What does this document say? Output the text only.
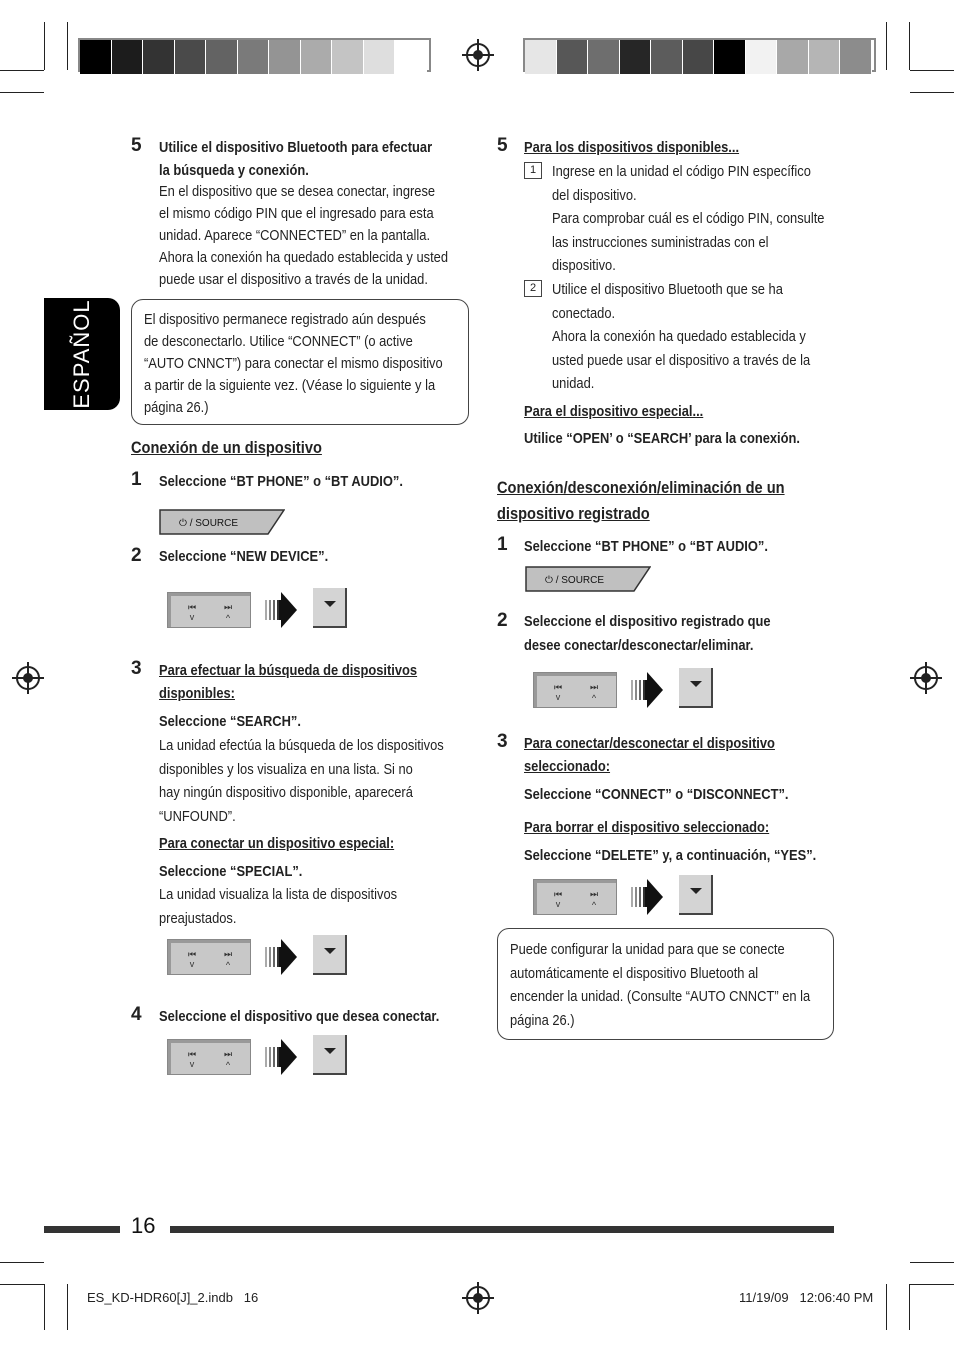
ESPAÑOL
5 Utilice el dispositivo Bluetooth para efectuar
la búsqueda y conexión.
En el dispositivo que se desea conectar, ingrese
el mismo código PIN que el ingresado para esta
unidad. Aparece “CONNECTED” en la pantalla.
Ahora la conexión ha quedado establecida y usted
puede usar el dispositivo a través de la unidad.
El dispositivo permanece registrado aún después
de desconectarlo. Utilice “CONNECT” (o active
“AUTO CNNCT”) para conectar el mismo dispositivo
a partir de la siguiente vez. (Véase lo siguiente y la
página 26.)
Conexión de un dispositivo
1 Seleccione “BT PHONE” o “BT AUDIO”.
⏻ / SOURCE
2 Seleccione “NEW DEVICE”.
⏮	⏭
v	^
3 Para efectuar la búsqueda de dispositivos
disponibles:
Seleccione “SEARCH”.
La unidad efectúa la búsqueda de los dispositivos
disponibles y los visualiza en una lista. Si no
hay ningún dispositivo disponible, aparecerá
“UNFOUND”.
Para conectar un dispositivo especial:
Seleccione “SPECIAL”.
La unidad visualiza la lista de dispositivos
preajustados.
⏮	⏭
v	^
4 Seleccione el dispositivo que desea conectar.
⏮	⏭
v	^
5 Para los dispositivos disponibles...
1	Ingrese en la unidad el código PIN específico
del dispositivo.
Para comprobar cuál es el código PIN, consulte
las instrucciones suministradas con el
dispositivo.
2	Utilice el dispositivo Bluetooth que se ha
conectado.
Ahora la conexión ha quedado establecida y
usted puede usar el dispositivo a través de la
unidad.
Para el dispositivo especial...
Utilice “OPEN’ o “SEARCH’ para la conexión.
Conexión/desconexión/eliminación de un
dispositivo registrado
1 Seleccione “BT PHONE” o “BT AUDIO”.
⏻ / SOURCE
2 Seleccione el dispositivo registrado que
desee conectar/desconectar/eliminar.
⏮	⏭
v	^
3 Para conectar/desconectar el dispositivo
seleccionado:
Seleccione “CONNECT” o “DISCONNECT”.
Para borrar el dispositivo seleccionado:
Seleccione “DELETE” y, a continuación, “YES”.
⏮	⏭
v	^
Puede configurar la unidad para que se conecte
automáticamente el dispositivo Bluetooth al
encender la unidad. (Consulte “AUTO CNNCT” en la
página 26.)
16
ES_KD-HDR60[J]_2.indb   16	11/19/09   12:06:40 PM
